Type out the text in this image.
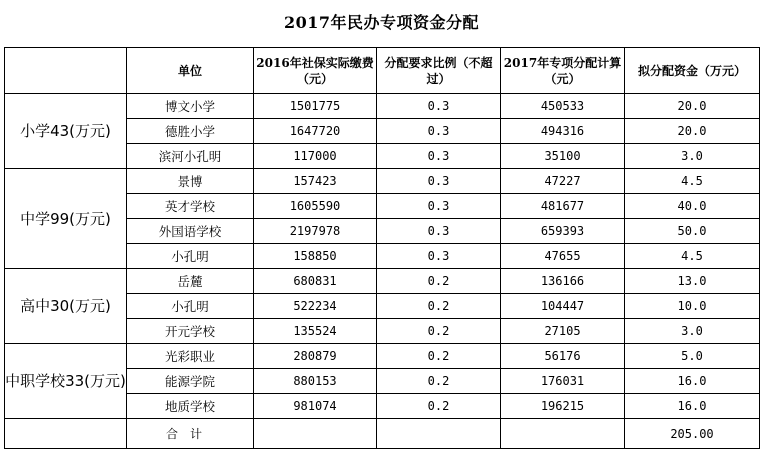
2017年民办专项资金分配
	单位	2016年社保实际缴费（元）	分配要求比例（不超过）	2017年专项分配计算（元）	拟分配资金（万元）
小学43(万元)	博文小学	1501775	0.3	450533	20.0
	德胜小学	1647720	0.3	494316	20.0
	滨河小孔明	117000	0.3	35100	3.0
中学99(万元)	景博	157423	0.3	47227	4.5
	英才学校	1605590	0.3	481677	40.0
	外国语学校	2197978	0.3	659393	50.0
	小孔明	158850	0.3	47655	4.5
高中30(万元)	岳麓	680831	0.2	136166	13.0
	小孔明	522234	0.2	104447	10.0
	开元学校	135524	0.2	27105	3.0
中职学校33(万元)	光彩职业	280879	0.2	56176	5.0
	能源学院	880153	0.2	176031	16.0
	地质学校	981074	0.2	196215	16.0
	合计				205.00
